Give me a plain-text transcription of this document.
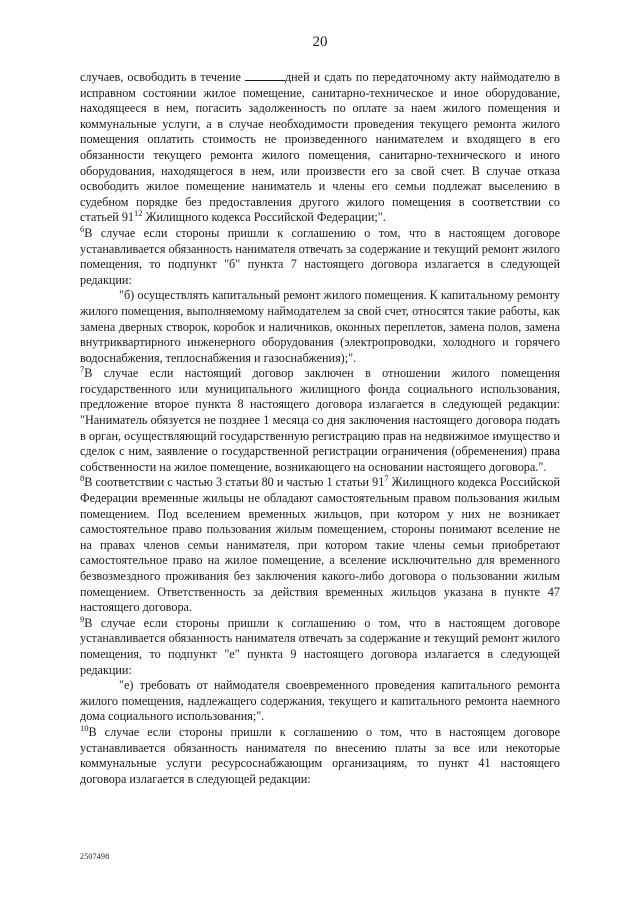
20

случаев, освободить в течение	дней и сдать по передаточному акту наймодателю в исправном состоянии жилое помещение, санитарно-техническое и иное оборудование, находящееся в нем, погасить задолженность по оплате за наем жилого помещения и коммунальные услуги, а в случае необходимости проведения текущего ремонта жилого помещения оплатить стоимость не произведенного нанимателем и входящего в его обязанности текущего ремонта жилого помещения, санитарно-технического и иного оборудования, находящегося в нем, или произвести его за свой счет. В случае отказа освободить жилое помещение наниматель и члены его семьи подлежат выселению в судебном порядке без предоставления другого жилого помещения в соответствии со статьей $91^{12}$ Жилищного кодекса Российской Федерации;".

$^6$В случае если стороны пришли к соглашению о том, что в настоящем договоре устанавливается обязанность нанимателя отвечать за содержание и текущий ремонт жилого помещения, то подпункт "б" пункта 7 настоящего договора излагается в следующей редакции:

"б) осуществлять капитальный ремонт жилого помещения. К капитальному ремонту жилого помещения, выполняемому наймодателем за свой счет, относятся такие работы, как замена дверных створок, коробок и наличников, оконных переплетов, замена полов, замена внутриквартирного инженерного оборудования (электропроводки, холодного и горячего водоснабжения, теплоснабжения и газоснабжения);".

$^7$В случае если настоящий договор заключен в отношении жилого помещения государственного или муниципального жилищного фонда социального использования, предложение второе пункта 8 настоящего договора излагается в следующей редакции: "Наниматель обязуется не позднее 1 месяца со дня заключения настоящего договора подать в орган, осуществляющий государственную регистрацию прав на недвижимое имущество и сделок с ним, заявление о государственной регистрации ограничения (обременения) права собственности на жилое помещение, возникающего на основании настоящего договора.".

$^8$В соответствии с частью 3 статьи 80 и частью 1 статьи $91^7$ Жилищного кодекса Российской Федерации временные жильцы не обладают самостоятельным правом пользования жилым помещением. Под вселением временных жильцов, при котором у них не возникает самостоятельное право пользования жилым помещением, стороны понимают вселение не на правах членов семьи нанимателя, при котором такие члены семьи приобретают самостоятельное право на жилое помещение, а вселение исключительно для временного безвозмездного проживания без заключения какого-либо договора о пользовании жилым помещением. Ответственность за действия временных жильцов указана в пункте 47 настоящего договора.

$^9$В случае если стороны пришли к соглашению о том, что в настоящем договоре устанавливается обязанность нанимателя отвечать за содержание и текущий ремонт жилого помещения, то подпункт "е" пункта 9 настоящего договора излагается в следующей редакции:

"е) требовать от наймодателя своевременного проведения капитального ремонта жилого помещения, надлежащего содержания, текущего и капитального ремонта наемного дома социального использования;".

$^{10}$В случае если стороны пришли к соглашению о том, что в настоящем договоре устанавливается обязанность нанимателя по внесению платы за все или некоторые коммунальные услуги ресурсоснабжающим организациям, то пункт 41 настоящего договора излагается в следующей редакции:

2507498
